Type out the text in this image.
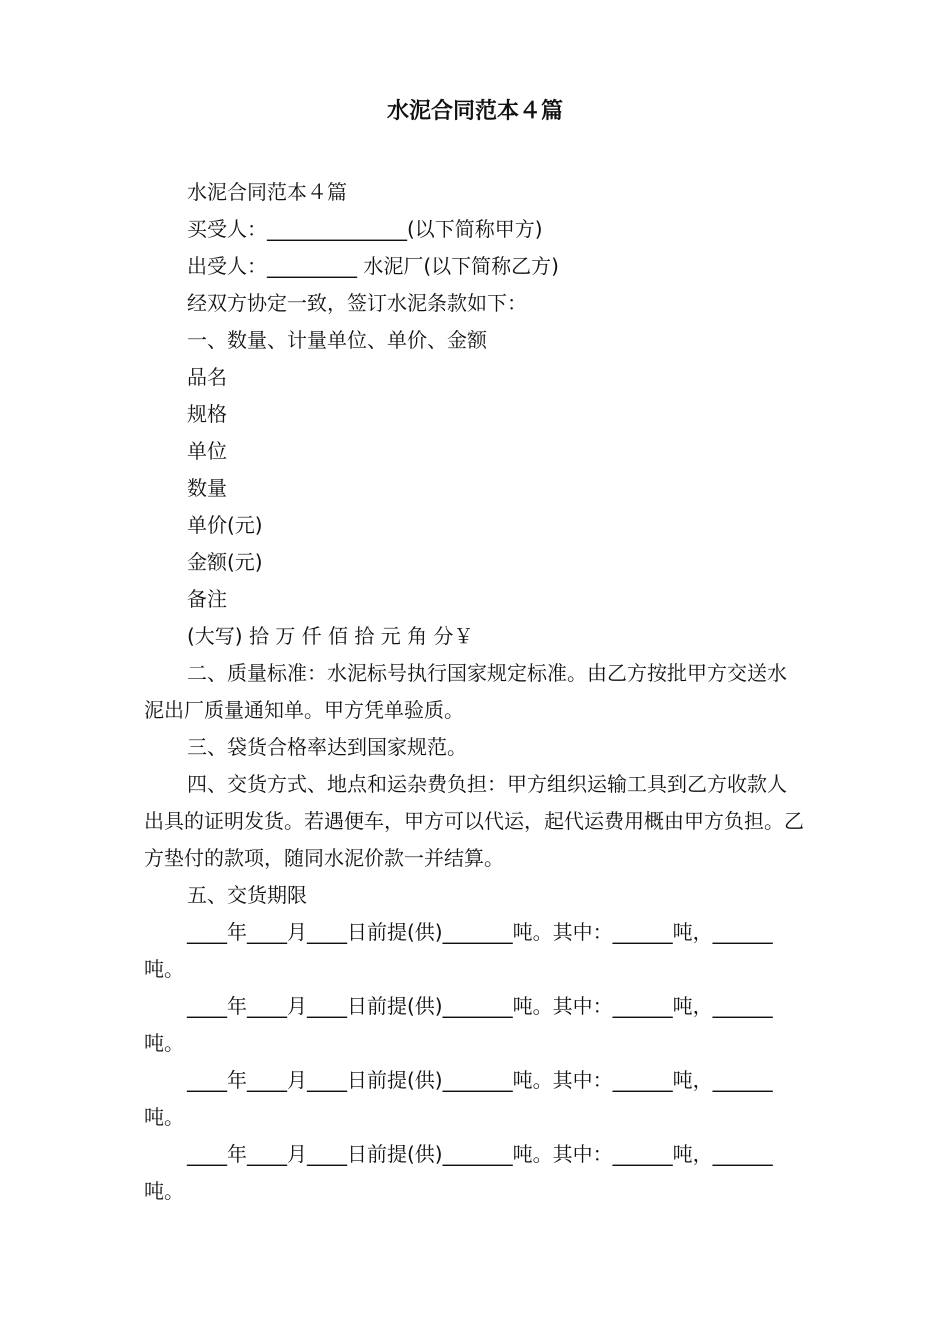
水泥合同范本４篇

水泥合同范本４篇

买受人：______________(以下简称甲方)

出受人：_________ 水泥厂(以下简称乙方)

经双方协定一致，签订水泥条款如下：

一、数量、计量单位、单价、金额

品名

规格

单位

数量

单价(元)

金额(元)

备注

(大写) 拾 万 仟 佰 拾 元 角 分￥

二、质量标准：水泥标号执行国家规定标准。由乙方按批甲方交送水泥出厂质量通知单。甲方凭单验质。

三、袋货合格率达到国家规范。

四、交货方式、地点和运杂费负担：甲方组织运输工具到乙方收款人出具的证明发货。若遇便车，甲方可以代运，起代运费用概由甲方负担。乙方垫付的款项，随同水泥价款一并结算。

五、交货期限

____年____月____日前提(供)_______吨。其中：______吨，______吨。

____年____月____日前提(供)_______吨。其中：______吨，______吨。

____年____月____日前提(供)_______吨。其中：______吨，______吨。

____年____月____日前提(供)_______吨。其中：______吨，______吨。
